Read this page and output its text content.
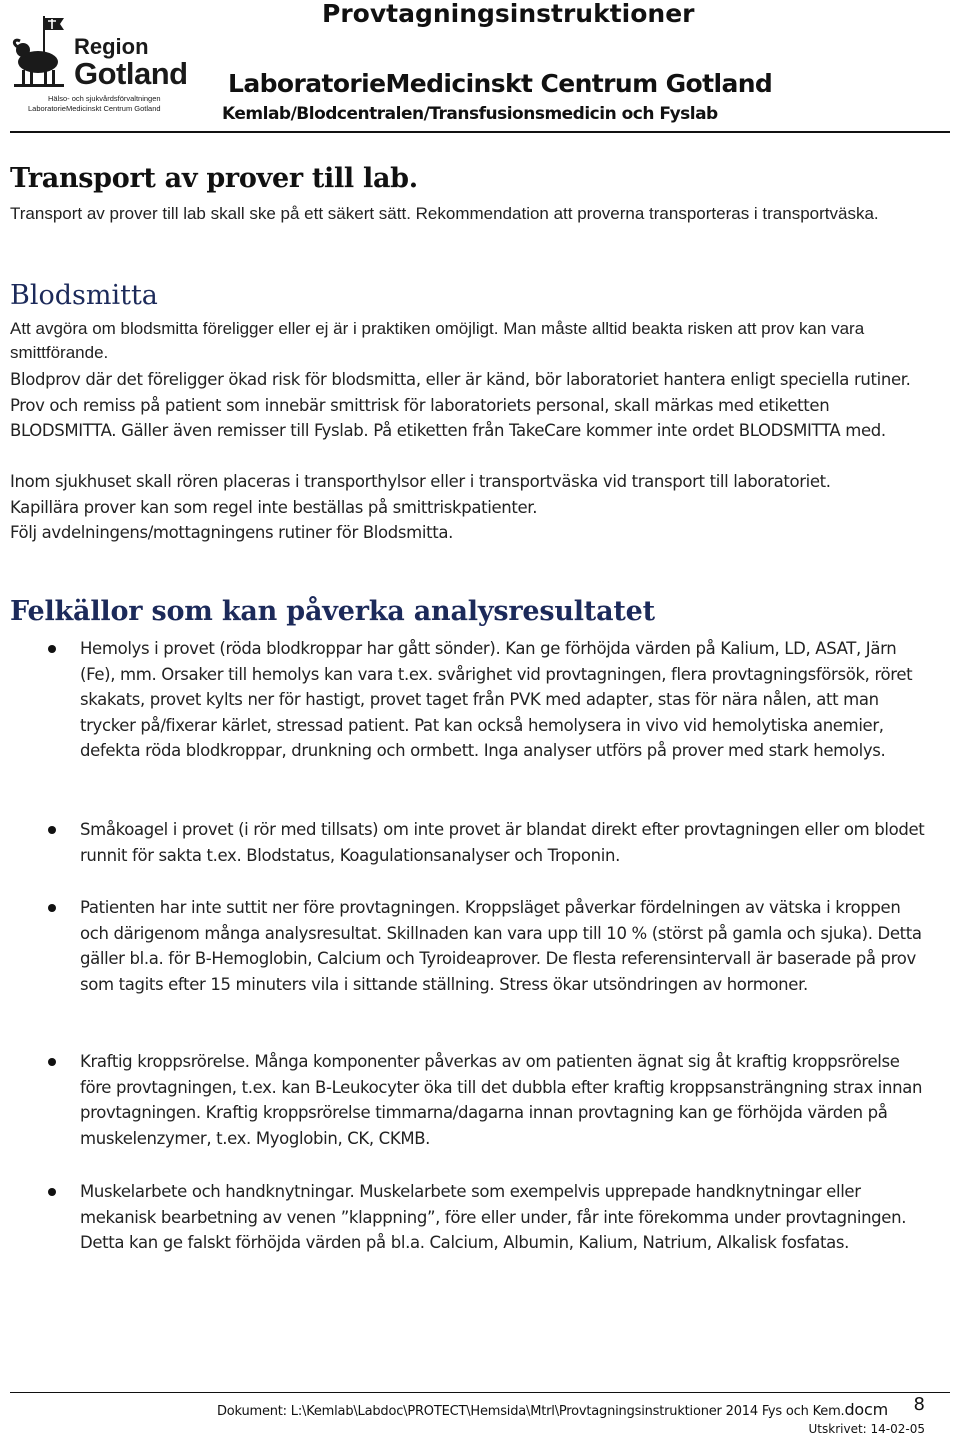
Region
Gotland
Hälso- och sjukvårdsförvaltningen
LaboratorieMedicinskt Centrum Gotland
Provtagningsinstruktioner
LaboratorieMedicinskt Centrum Gotland
Kemlab/Blodcentralen/Transfusionsmedicin och Fyslab
Transport av prover till lab.

Transport av prover till lab skall ske på ett säkert sätt. Rekommendation att proverna transporteras i transportväska.

Blodsmitta

Att avgöra om blodsmitta föreligger eller ej är i praktiken omöjligt. Man måste alltid beakta risken att prov kan vara smittförande.

Blodprov där det föreligger ökad risk för blodsmitta, eller är känd, bör laboratoriet hantera enligt speciella rutiner. Prov och remiss på patient som innebär smittrisk för laboratoriets personal, skall märkas med etiketten BLODSMITTA. Gäller även remisser till Fyslab. På etiketten från TakeCare kommer inte ordet BLODSMITTA med.

Inom sjukhuset skall rören placeras i transporthylsor eller i transportväska vid transport till laboratoriet.

Kapillära prover kan som regel inte beställas på smittriskpatienter.

Följ avdelningens/mottagningens rutiner för Blodsmitta.

Felkällor som kan påverka analysresultatet
Hemolys i provet (röda blodkroppar har gått sönder). Kan ge förhöjda värden på Kalium, LD, ASAT, Järn (Fe), mm. Orsaker till hemolys kan vara t.ex. svårighet vid provtagningen, flera provtagningsförsök, röret skakats, provet kylts ner för hastigt, provet taget från PVK med adapter, stas för nära nålen, att man trycker på/fixerar kärlet, stressad patient. Pat kan också hemolysera in vivo vid hemolytiska anemier, defekta röda blodkroppar, drunkning och ormbett. Inga analyser utförs på prover med stark hemolys.
Småkoagel i provet (i rör med tillsats) om inte provet är blandat direkt efter provtagningen eller om blodet runnit för sakta t.ex. Blodstatus, Koagulationsanalyser och Troponin.
Patienten har inte suttit ner före provtagningen. Kroppsläget påverkar fördelningen av vätska i kroppen och därigenom många analysresultat. Skillnaden kan vara upp till 10 % (störst på gamla och sjuka). Detta gäller bl.a. för B-Hemoglobin, Calcium och Tyroideaprover. De flesta referensintervall är baserade på prov som tagits efter 15 minuters vila i sittande ställning. Stress ökar utsöndringen av hormoner.
Kraftig kroppsrörelse. Många komponenter påverkas av om patienten ägnat sig åt kraftig kroppsrörelse före provtagningen, t.ex. kan B-Leukocyter öka till det dubbla efter kraftig kroppsansträngning strax innan provtagningen. Kraftig kroppsrörelse timmarna/dagarna innan provtagning kan ge förhöjda värden på muskelenzymer, t.ex. Myoglobin, CK, CKMB.
Muskelarbete och handknytningar. Muskelarbete som exempelvis upprepade handknytningar eller mekanisk bearbetning av venen ”klappning”, före eller under, får inte förekomma under provtagningen. Detta kan ge falskt förhöjda värden på bl.a. Calcium, Albumin, Kalium, Natrium, Alkalisk fosfatas.
Dokument: L:\Kemlab\Labdoc\PROTECT\Hemsida\Mtrl\Provtagningsinstruktioner 2014 Fys och Kem.docm 8
Utskrivet: 14-02-05
